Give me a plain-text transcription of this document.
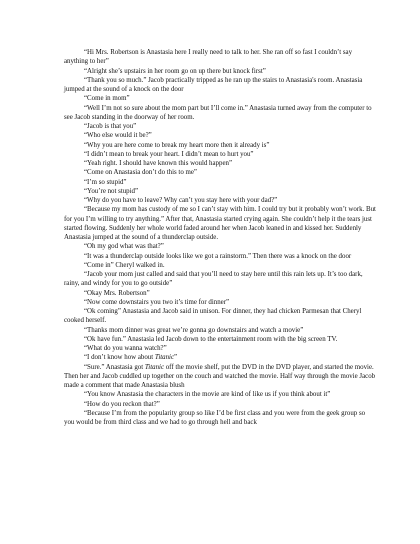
“Hi Mrs. Robertson is Anastasia here I really need to talk to her. She ran off so fast I couldn’t say anything to her”

“Alright she’s upstairs in her room go on up there but knock first”

“Thank you so much.” Jacob practically tripped as he ran up the stairs to Anastasia's room. Anastasia jumped at the sound of a knock on the door

“Come in mom”

“Well I’m not so sure about the mom part but I’ll come in.” Anastasia turned away from the computer to see Jacob standing in the doorway of her room.

“Jacob is that you”

“Who else would it be?”

“Why you are here come to break my heart more then it already is”

“I didn’t mean to break your heart. I didn’t mean to hurt you”

“Yeah right. I should have known this would happen”

“Come on Anastasia don’t do this to me”

“I’m so stupid”

“You’re not stupid”

“Why do you have to leave? Why can’t you stay here with your dad?”

“Because my mom has custody of me so I can’t stay with him. I could try but it probably won’t work. But for you I’m willing to try anything.” After that, Anastasia started crying again. She couldn’t help it the tears just started flowing. Suddenly her whole world faded around her when Jacob leaned in and kissed her. Suddenly Anastasia jumped at the sound of a thunderclap outside.

“Oh my god what was that?”

“It was a thunderclap outside looks like we got a rainstorm.” Then there was a knock on the door

“Come in” Cheryl walked in.

“Jacob your mom just called and said that you’ll need to stay here until this rain lets up. It’s too dark, rainy, and windy for you to go outside”

“Okay Mrs. Robertson”

“Now come downstairs you two it’s time for dinner”

“Ok coming” Anastasia and Jacob said in unison. For dinner, they had chicken Parmesan that Cheryl cooked herself.

“Thanks mom dinner was great we’re gonna go downstairs and watch a movie”

“Ok have fun.” Anastasia led Jacob down to the entertainment room with the big screen TV.

“What do you wanna watch?”

“I don’t know how about Titanic”

“Sure.” Anastasia got Titanic off the movie shelf, put the DVD in the DVD player, and started the movie. Then her and Jacob cuddled up together on the couch and watched the movie. Half way through the movie Jacob made a comment that made Anastasia blush

“You know Anastasia the characters in the movie are kind of like us if you think about it”

“How do you reckon that?”

“Because I’m from the popularity group so like I’d be first class and you were from the geek group so you would be from third class and we had to go through hell and back
